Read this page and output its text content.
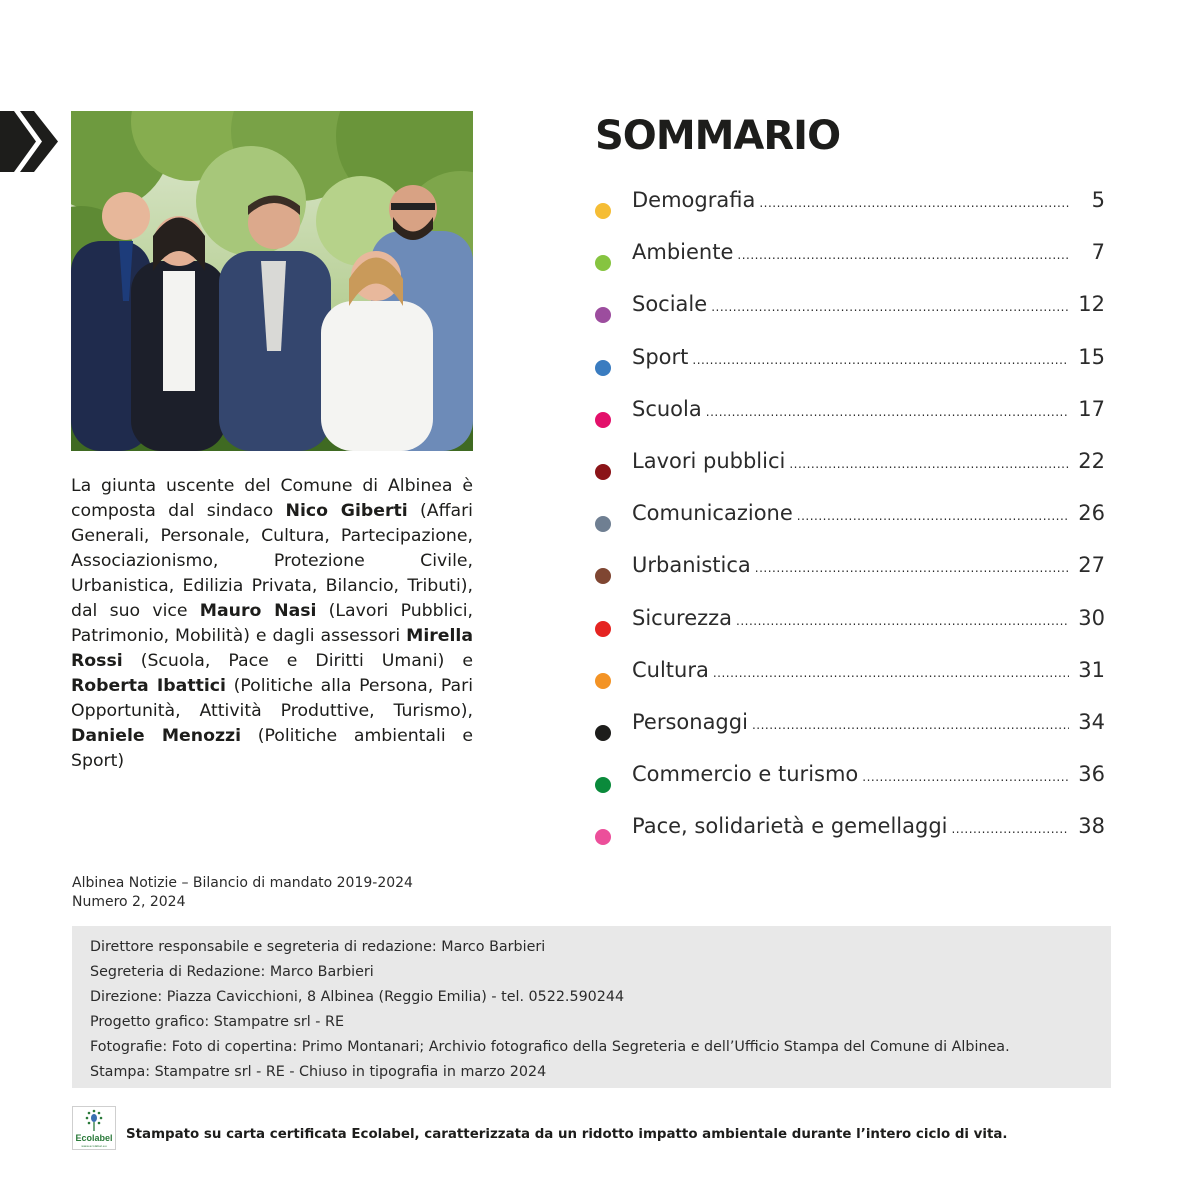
La giunta uscente del Comune di Albinea è composta dal sindaco Nico Giberti (Affari Generali, Personale, Cultura, Partecipazione, Associazionismo, Protezione Civile, Urbanistica, Edilizia Privata, Bilancio, Tributi), dal suo vice Mauro Nasi (Lavori Pubblici, Patrimonio, Mobilità) e dagli assessori Mirella Rossi (Scuola, Pace e Diritti Umani) e Roberta Ibattici (Politiche alla Persona, Pari Opportunità, Attività Produttive, Turismo), Daniele Menozzi (Politiche ambientali e Sport)
SOMMARIO
Demografia .....	5
Ambiente .....	7
Sociale .....	12
Sport .....	15
Scuola .....	17
Lavori pubblici .....	22
Comunicazione .....	26
Urbanistica .....	27
Sicurezza .....	30
Cultura .....	31
Personaggi .....	34
Commercio e turismo .....	36
Pace, solidarietà e gemellaggi .....	38
Albinea Notizie – Bilancio di mandato 2019-2024
Numero 2, 2024
Direttore responsabile e segreteria di redazione: Marco Barbieri
Segreteria di Redazione: Marco Barbieri
Direzione: Piazza Cavicchioni, 8 Albinea (Reggio Emilia) - tel. 0522.590244
Progetto grafico: Stampatre srl - RE
Fotografie: Foto di copertina: Primo Montanari; Archivio fotografico della Segreteria e dell’Ufficio Stampa del Comune di Albinea.
Stampa: Stampatre srl - RE - Chiuso in tipografia in marzo 2024
Ecolabel
www.ecolabel.eu
Stampato su carta certificata Ecolabel, caratterizzata da un ridotto impatto ambientale durante l’intero ciclo di vita.
